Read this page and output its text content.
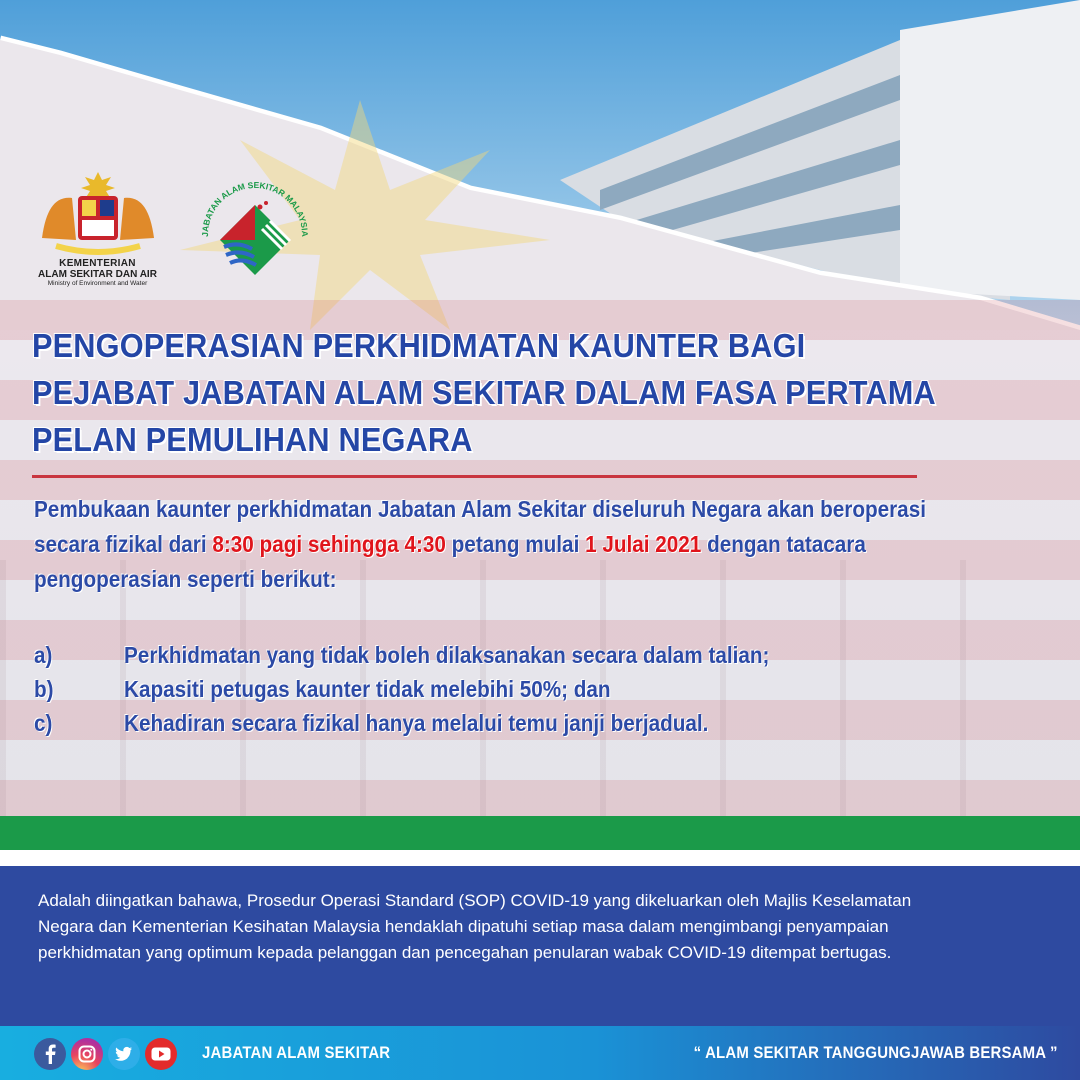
KEMENTERIAN
ALAM SEKITAR DAN AIR
Ministry of Environment and Water
JABATAN ALAM SEKITAR MALAYSIA
PENGOPERASIAN PERKHIDMATAN KAUNTER BAGI
PEJABAT JABATAN ALAM SEKITAR DALAM FASA PERTAMA
PELAN PEMULIHAN NEGARA

Pembukaan kaunter perkhidmatan Jabatan Alam Sekitar diseluruh Negara akan beroperasi secara fizikal dari 8:30 pagi sehingga 4:30 petang mulai 1 Julai 2021 dengan tatacara pengoperasian seperti berikut:

a)	Perkhidmatan yang tidak boleh dilaksanakan secara dalam talian;
b)	Kapasiti petugas kaunter tidak melebihi 50%; dan
c)	Kehadiran secara fizikal hanya melalui temu janji berjadual.

Adalah diingatkan bahawa, Prosedur Operasi Standard (SOP) COVID-19 yang dikeluarkan oleh Majlis Keselamatan Negara dan Kementerian Kesihatan Malaysia hendaklah dipatuhi setiap masa dalam mengimbangi penyampaian perkhidmatan yang optimum kepada pelanggan dan pencegahan penularan wabak COVID-19 ditempat bertugas.

JABATAN ALAM SEKITAR	“ ALAM SEKITAR TANGGUNGJAWAB BERSAMA ”
